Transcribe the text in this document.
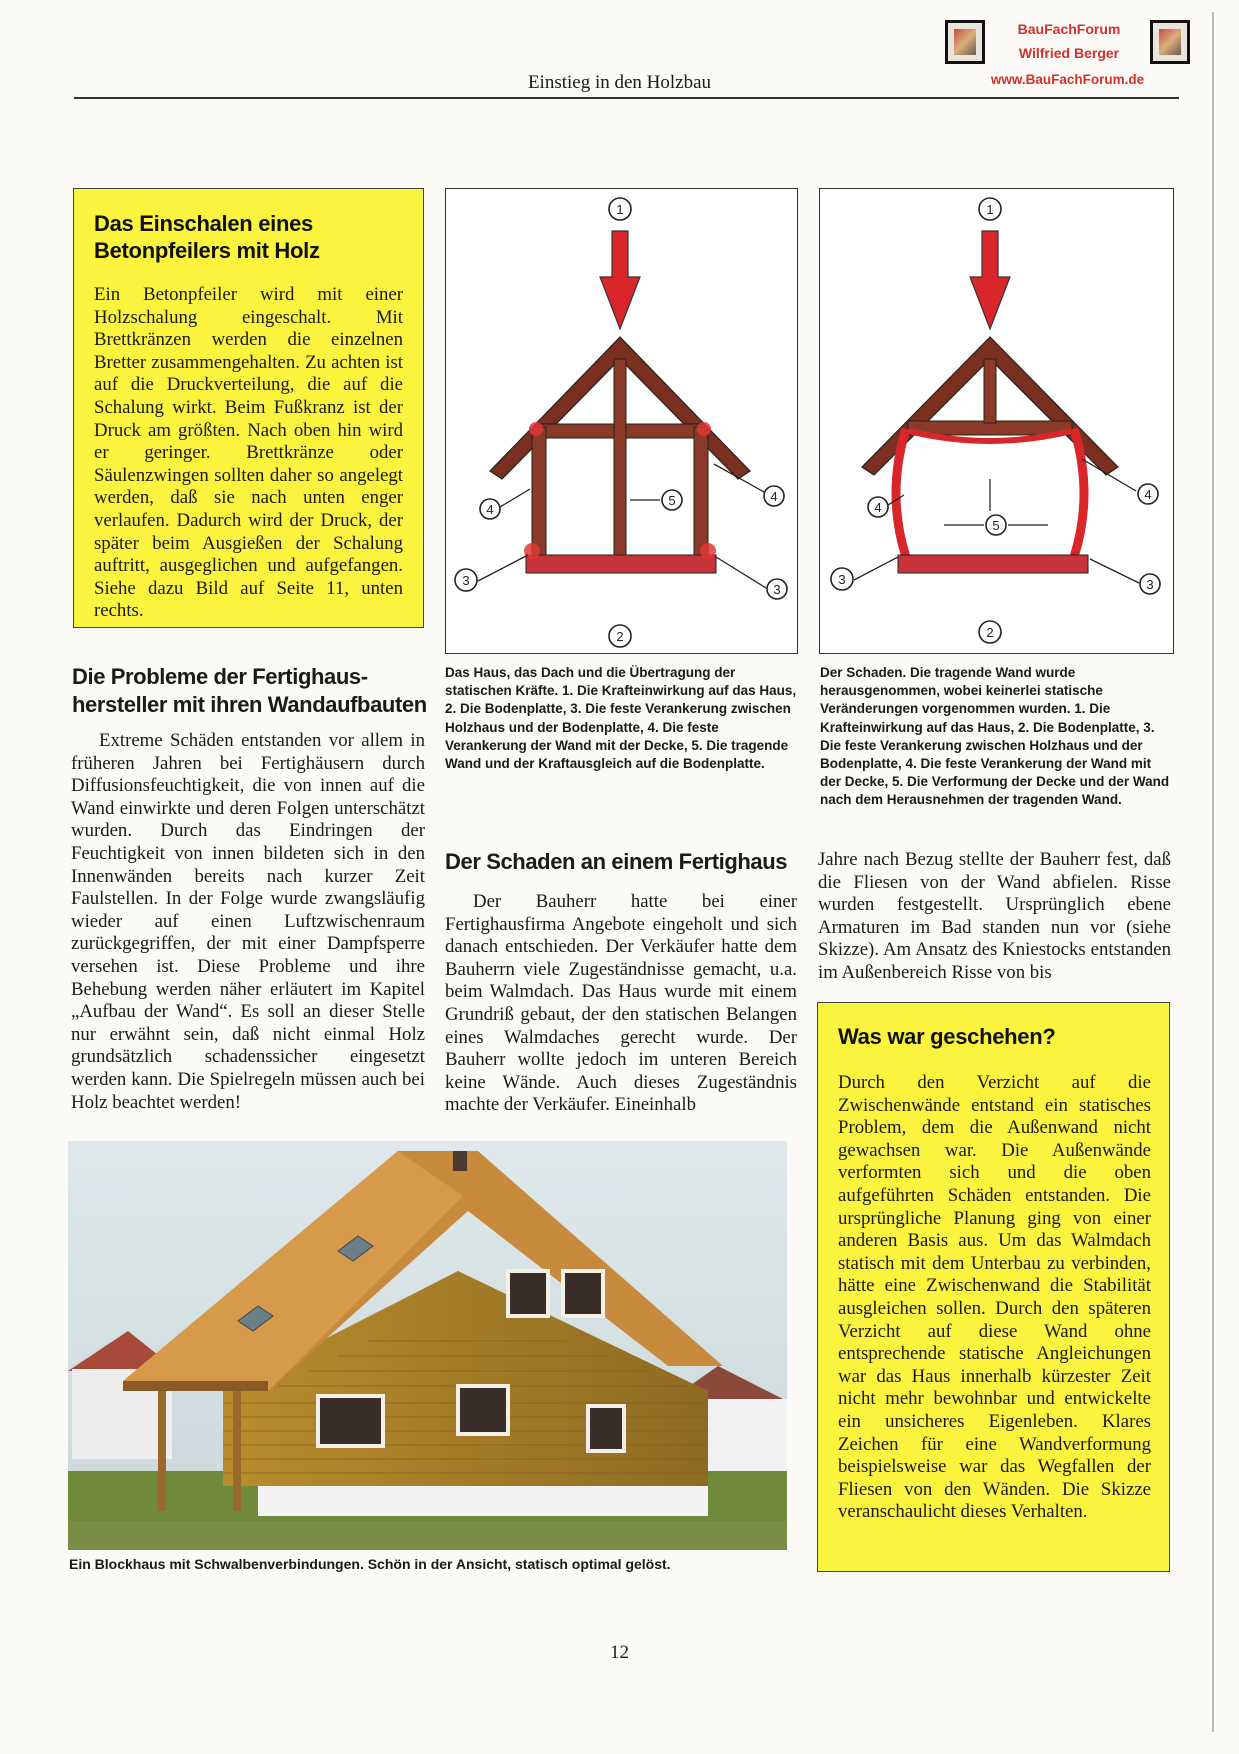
BauFachForum
Wilfried Berger
www.BauFachForum.de
Einstieg in den Holzbau
Das Einschalen eines
Betonpfeilers mit Holz
Ein Betonpfeiler wird mit einer Holzschalung eingeschalt. Mit Brettkränzen werden die einzelnen Bretter zusammengehalten. Zu achten ist auf die Druckverteilung, die auf die Schalung wirkt. Beim Fußkranz ist der Druck am größten. Nach oben hin wird er geringer. Brettkränze oder Säulenzwingen sollten daher so angelegt werden, daß sie nach unten enger verlaufen. Dadurch wird der Druck, der später beim Ausgießen der Schalung auftritt, ausgeglichen und aufgefangen. Siehe dazu Bild auf Seite 11, unten rechts.
Die Probleme der Fertighaus-
hersteller mit ihren Wandaufbauten
Extreme Schäden entstanden vor allem in früheren Jahren bei Fertighäusern durch Diffusionsfeuchtigkeit, die von innen auf die Wand einwirkte und deren Folgen unterschätzt wurden. Durch das Eindringen der Feuchtigkeit von innen bildeten sich in den Innenwänden bereits nach kurzer Zeit Faulstellen. In der Folge wurde zwangsläufig wieder auf einen Luftzwischenraum zurückgegriffen, der mit einer Dampfsperre versehen ist. Diese Probleme und ihre Behebung werden näher erläutert im Kapitel „Aufbau der Wand“. Es soll an dieser Stelle nur erwähnt sein, daß nicht einmal Holz grundsätzlich schadenssicher eingesetzt werden kann. Die Spielregeln müssen auch bei Holz beachtet werden!
1
2
3
3
4
4
5
Das Haus, das Dach und die Übertragung der statischen Kräfte. 1. Die Krafteinwirkung auf das Haus, 2. Die Bodenplatte, 3. Die feste Verankerung zwischen Holzhaus und der Bodenplatte, 4. Die feste Verankerung der Wand mit der Decke, 5. Die tragende Wand und der Kraftausgleich auf die Bodenplatte.
1
2
3	3
4
4
5
Der Schaden. Die tragende Wand wurde herausgenommen, wobei keinerlei statische Veränderungen vorgenommen wurden. 1. Die Krafteinwirkung auf das Haus, 2. Die Bodenplatte, 3. Die feste Verankerung zwischen Holzhaus und der Bodenplatte, 4. Die feste Verankerung der Wand mit der Decke, 5. Die Verformung der Decke und der Wand nach dem Herausnehmen der tragenden Wand.
Der Schaden an einem Fertighaus
Der Bauherr hatte bei einer Fertighausfirma Angebote eingeholt und sich danach entschieden. Der Verkäufer hatte dem Bauherrn viele Zugeständnisse gemacht, u.a. beim Walmdach. Das Haus wurde mit einem Grundriß gebaut, der den statischen Belangen eines Walmdaches gerecht wurde. Der Bauherr wollte jedoch im unteren Bereich keine Wände. Auch dieses Zugeständnis machte der Verkäufer. Eineinhalb
Jahre nach Bezug stellte der Bauherr fest, daß die Fliesen von der Wand abfielen. Risse wurden festgestellt. Ursprünglich ebene Armaturen im Bad standen nun vor (siehe Skizze). Am Ansatz des Kniestocks entstanden im Außenbereich Risse von bis
Was war geschehen?
Durch den Verzicht auf die Zwischenwände entstand ein statisches Problem, dem die Außenwand nicht gewachsen war. Die Außenwände verformten sich und die oben aufgeführten Schäden entstanden. Die ursprüngliche Planung ging von einer anderen Basis aus. Um das Walmdach statisch mit dem Unterbau zu verbinden, hätte eine Zwischenwand die Stabilität ausgleichen sollen. Durch den späteren Verzicht auf diese Wand ohne entsprechende statische Angleichungen war das Haus innerhalb kürzester Zeit nicht mehr bewohnbar und entwickelte ein unsicheres Eigenleben. Klares Zeichen für eine Wandverformung beispielsweise war das Wegfallen der Fliesen von den Wänden. Die Skizze veranschaulicht dieses Verhalten.
Ein Blockhaus mit Schwalbenverbindungen. Schön in der Ansicht, statisch optimal gelöst.
12
